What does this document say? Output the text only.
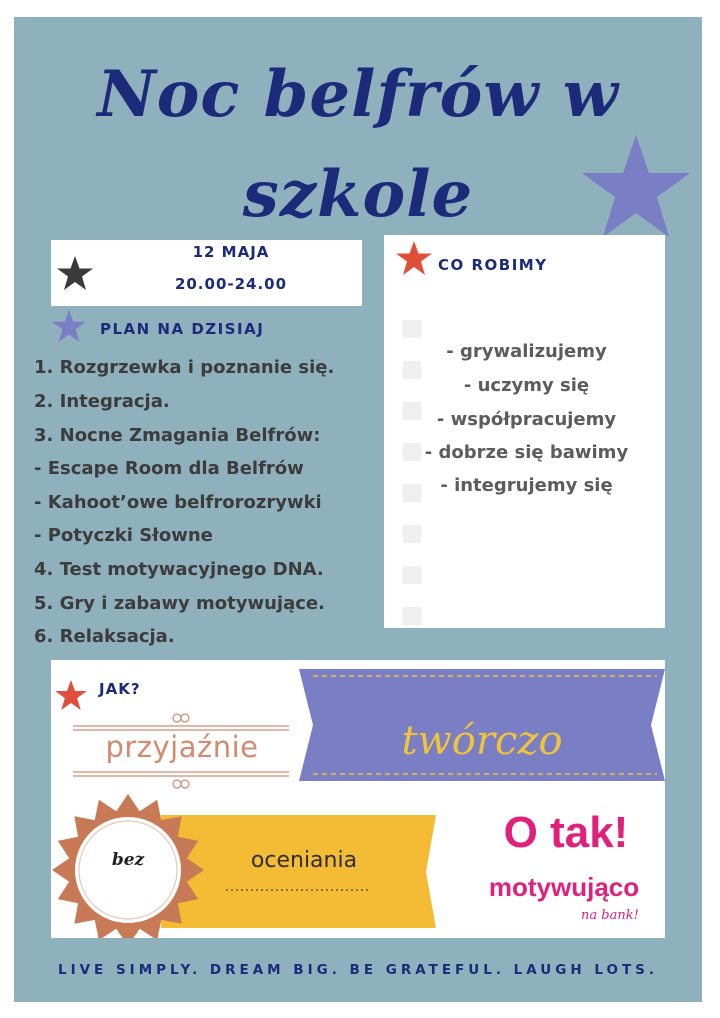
Noc belfrów w
szkole
12 MAJA
20.00-24.00
PLAN NA DZISIAJ
1. Rozgrzewka i poznanie się.
2. Integracja.
3. Nocne Zmagania Belfrów:
- Escape Room dla Belfrów
- Kahoot’owe belfrorozrywki
- Potyczki Słowne
4. Test motywacyjnego DNA.
5. Gry i zabawy motywujące.
6. Relaksacja.
CO ROBIMY
- grywalizujemy
- uczymy się
- współpracujemy
- dobrze się bawimy
- integrujemy się
JAK?
twórczo
przyjaźnie
bez	oceniania
O tak!
motywująco
na bank!
LIVE SIMPLY. DREAM BIG. BE GRATEFUL. LAUGH LOTS.
